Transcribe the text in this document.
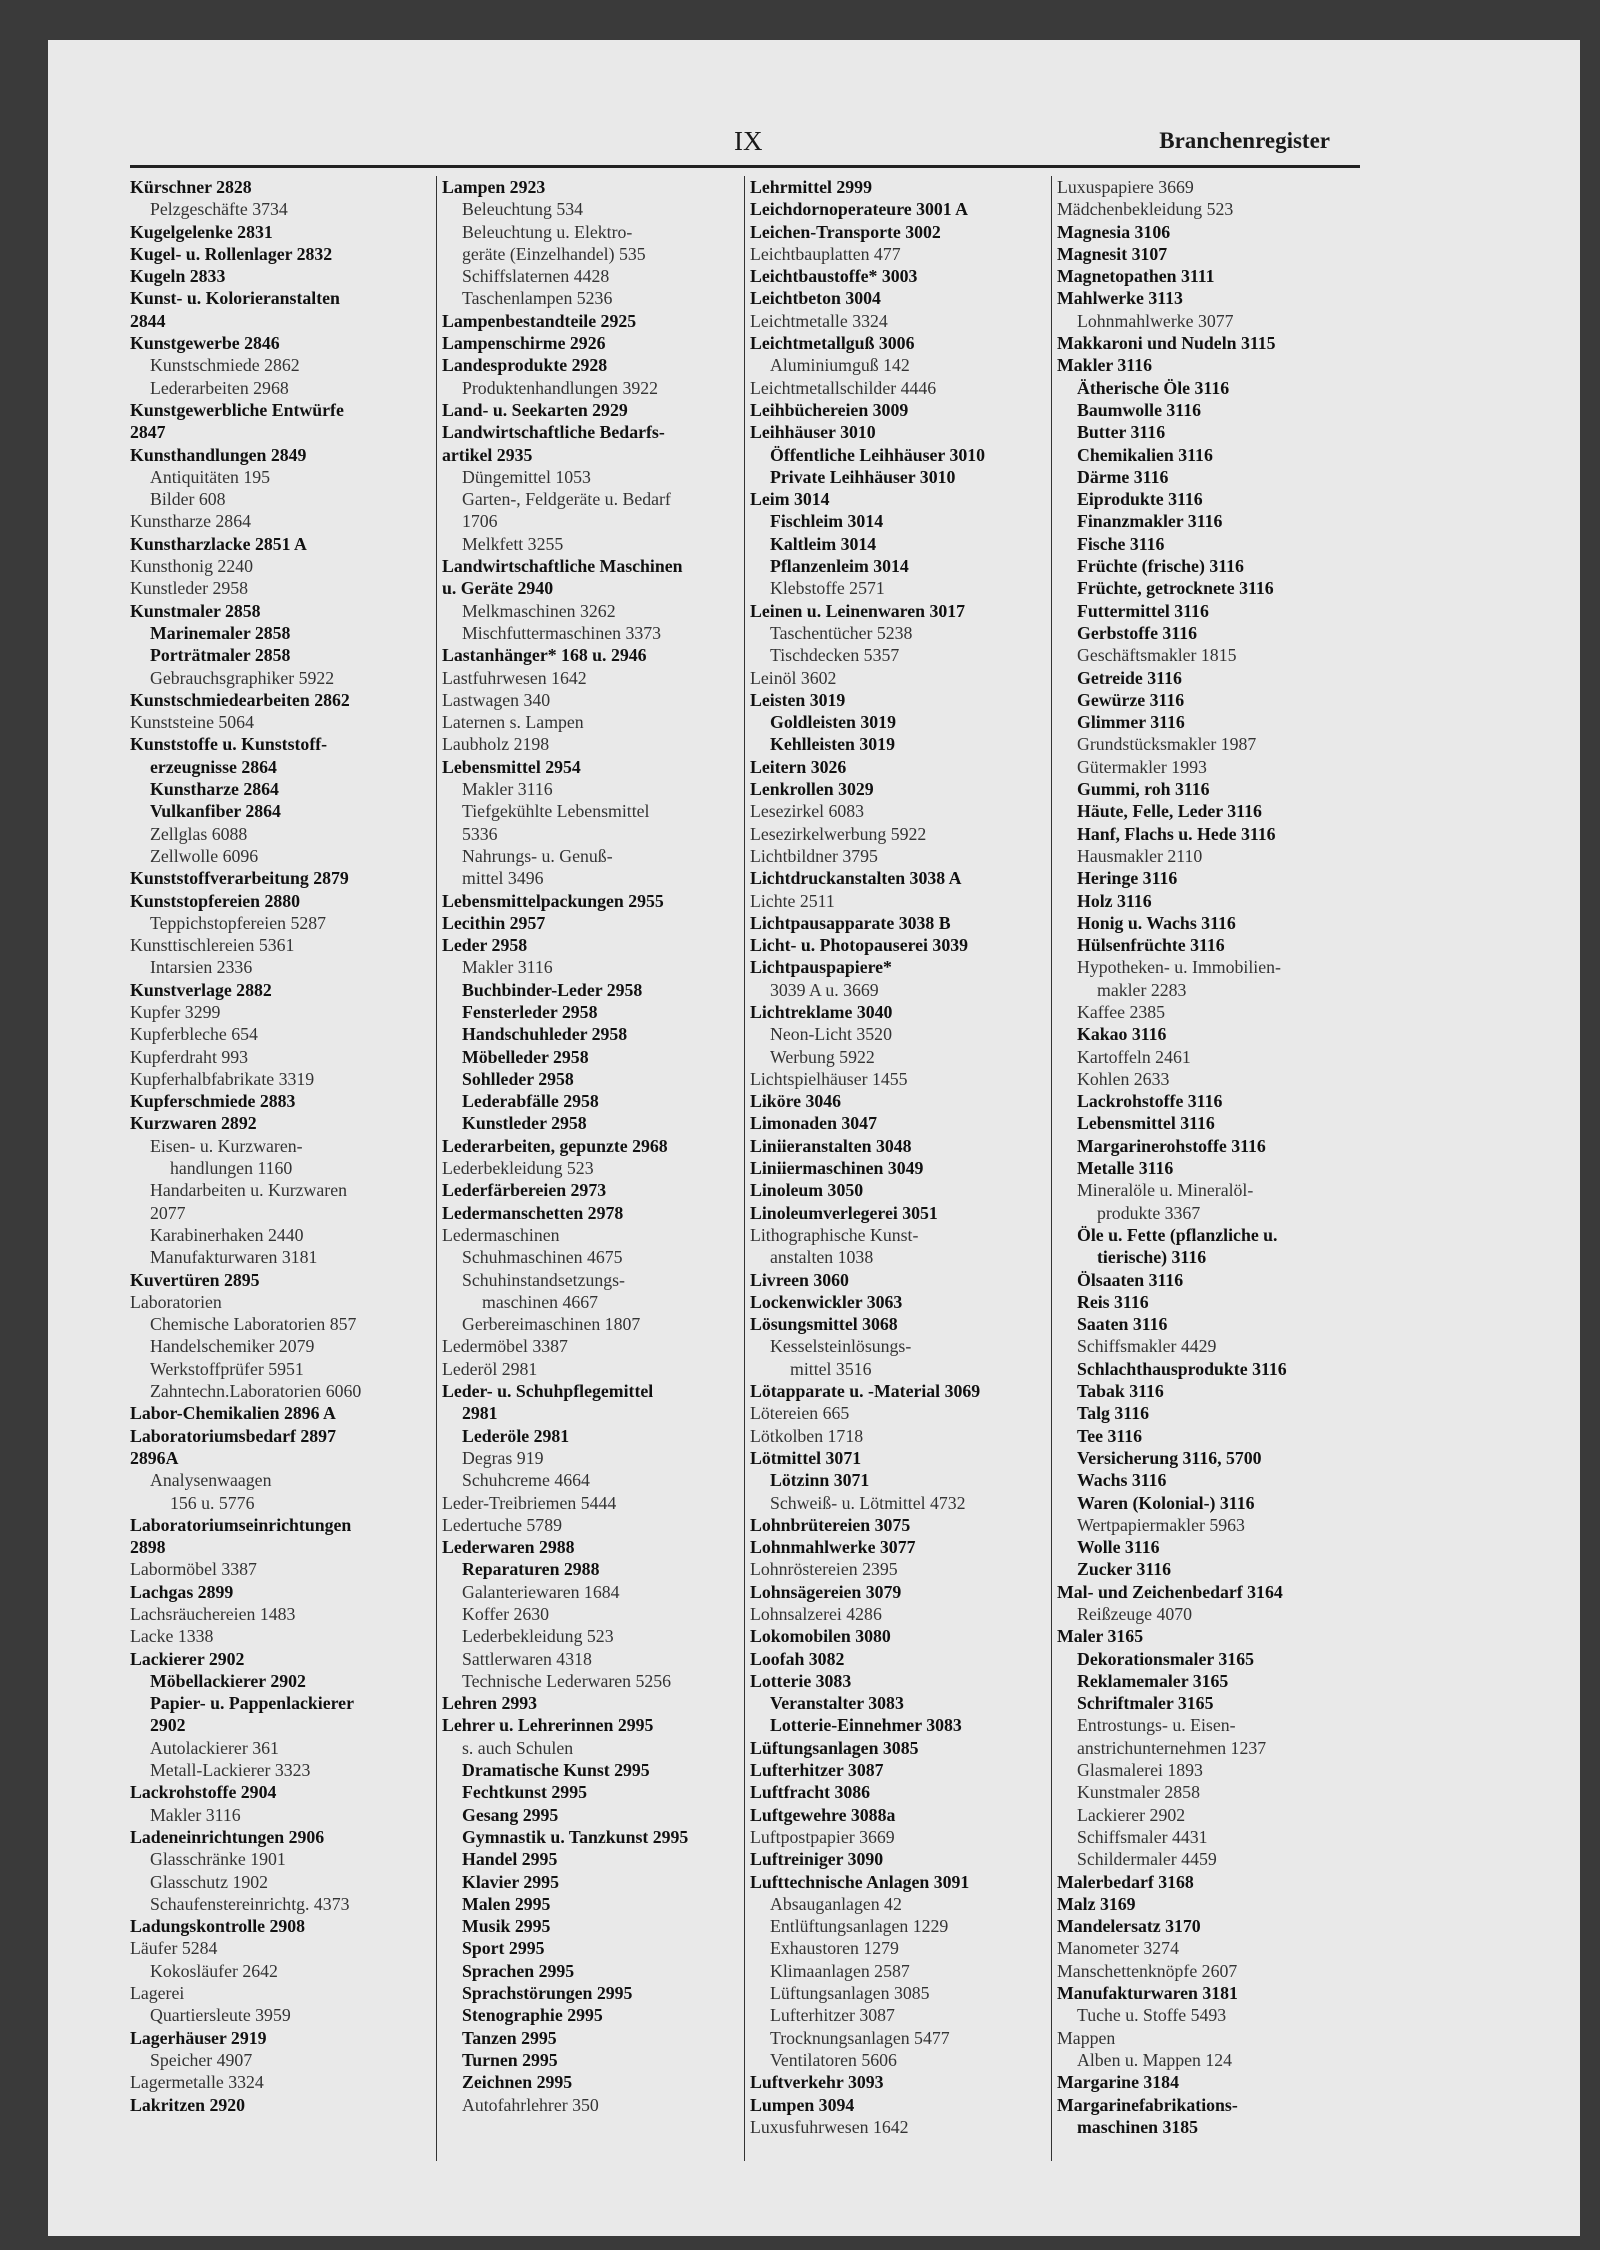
IX	Branchenregister
Kürschner 2828
Pelzgeschäfte 3734
Kugelgelenke 2831
Kugel- u. Rollenlager 2832
Kugeln 2833
Kunst- u. Kolorieranstalten
2844
Kunstgewerbe 2846
Kunstschmiede 2862
Lederarbeiten 2968
Kunstgewerbliche Entwürfe
2847
Kunsthandlungen 2849
Antiquitäten 195
Bilder 608
Kunstharze 2864
Kunstharzlacke 2851 A
Kunsthonig 2240
Kunstleder 2958
Kunstmaler 2858
Marinemaler 2858
Porträtmaler 2858
Gebrauchsgraphiker 5922
Kunstschmiedearbeiten 2862
Kunststeine 5064
Kunststoffe u. Kunststoff-
erzeugnisse 2864
Kunstharze 2864
Vulkanfiber 2864
Zellglas 6088
Zellwolle 6096
Kunststoffverarbeitung 2879
Kunststopfereien 2880
Teppichstopfereien 5287
Kunsttischlereien 5361
Intarsien 2336
Kunstverlage 2882
Kupfer 3299
Kupferbleche 654
Kupferdraht 993
Kupferhalbfabrikate 3319
Kupferschmiede 2883
Kurzwaren 2892
Eisen- u. Kurzwaren-
handlungen 1160
Handarbeiten u. Kurzwaren
2077
Karabinerhaken 2440
Manufakturwaren 3181
Kuvertüren 2895
Laboratorien
Chemische Laboratorien 857
Handelschemiker 2079
Werkstoffprüfer 5951
Zahntechn.Laboratorien 6060
Labor-Chemikalien 2896 A
Laboratoriumsbedarf 2897
2896A
Analysenwaagen
156 u. 5776
Laboratoriumseinrichtungen
2898
Labormöbel 3387
Lachgas 2899
Lachsräuchereien 1483
Lacke 1338
Lackierer 2902
Möbellackierer 2902
Papier- u. Pappenlackierer
2902
Autolackierer 361
Metall-Lackierer 3323
Lackrohstoffe 2904
Makler 3116
Ladeneinrichtungen 2906
Glasschränke 1901
Glasschutz 1902
Schaufenstereinrichtg. 4373
Ladungskontrolle 2908
Läufer 5284
Kokosläufer 2642
Lagerei
Quartiersleute 3959
Lagerhäuser 2919
Speicher 4907
Lagermetalle 3324
Lakritzen 2920
Lampen 2923
Beleuchtung 534
Beleuchtung u. Elektro-
geräte (Einzelhandel) 535
Schiffslaternen 4428
Taschenlampen 5236
Lampenbestandteile 2925
Lampenschirme 2926
Landesprodukte 2928
Produktenhandlungen 3922
Land- u. Seekarten 2929
Landwirtschaftliche Bedarfs-
artikel 2935
Düngemittel 1053
Garten-, Feldgeräte u. Bedarf
1706
Melkfett 3255
Landwirtschaftliche Maschinen
u. Geräte 2940
Melkmaschinen 3262
Mischfuttermaschinen 3373
Lastanhänger* 168 u. 2946
Lastfuhrwesen 1642
Lastwagen 340
Laternen s. Lampen
Laubholz 2198
Lebensmittel 2954
Makler 3116
Tiefgekühlte Lebensmittel
5336
Nahrungs- u. Genuß-
mittel 3496
Lebensmittelpackungen 2955
Lecithin 2957
Leder 2958
Makler 3116
Buchbinder-Leder 2958
Fensterleder 2958
Handschuhleder 2958
Möbelleder 2958
Sohlleder 2958
Lederabfälle 2958
Kunstleder 2958
Lederarbeiten, gepunzte 2968
Lederbekleidung 523
Lederfärbereien 2973
Ledermanschetten 2978
Ledermaschinen
Schuhmaschinen 4675
Schuhinstandsetzungs-
maschinen 4667
Gerbereimaschinen 1807
Ledermöbel 3387
Lederöl 2981
Leder- u. Schuhpflegemittel
2981
Lederöle 2981
Degras 919
Schuhcreme 4664
Leder-Treibriemen 5444
Ledertuche 5789
Lederwaren 2988
Reparaturen 2988
Galanteriewaren 1684
Koffer 2630
Lederbekleidung 523
Sattlerwaren 4318
Technische Lederwaren 5256
Lehren 2993
Lehrer u. Lehrerinnen 2995
s. auch Schulen
Dramatische Kunst 2995
Fechtkunst 2995
Gesang 2995
Gymnastik u. Tanzkunst 2995
Handel 2995
Klavier 2995
Malen 2995
Musik 2995
Sport 2995
Sprachen 2995
Sprachstörungen 2995
Stenographie 2995
Tanzen 2995
Turnen 2995
Zeichnen 2995
Autofahrlehrer 350
Lehrmittel 2999
Leichdornoperateure 3001 A
Leichen-Transporte 3002
Leichtbauplatten 477
Leichtbaustoffe* 3003
Leichtbeton 3004
Leichtmetalle 3324
Leichtmetallguß 3006
Aluminiumguß 142
Leichtmetallschilder 4446
Leihbüchereien 3009
Leihhäuser 3010
Öffentliche Leihhäuser 3010
Private Leihhäuser 3010
Leim 3014
Fischleim 3014
Kaltleim 3014
Pflanzenleim 3014
Klebstoffe 2571
Leinen u. Leinenwaren 3017
Taschentücher 5238
Tischdecken 5357
Leinöl 3602
Leisten 3019
Goldleisten 3019
Kehlleisten 3019
Leitern 3026
Lenkrollen 3029
Lesezirkel 6083
Lesezirkelwerbung 5922
Lichtbildner 3795
Lichtdruckanstalten 3038 A
Lichte 2511
Lichtpausapparate 3038 B
Licht- u. Photopauserei 3039
Lichtpauspapiere*
3039 A u. 3669
Lichtreklame 3040
Neon-Licht 3520
Werbung 5922
Lichtspielhäuser 1455
Liköre 3046
Limonaden 3047
Liniieranstalten 3048
Liniiermaschinen 3049
Linoleum 3050
Linoleumverlegerei 3051
Lithographische Kunst-
anstalten 1038
Livreen 3060
Lockenwickler 3063
Lösungsmittel 3068
Kesselsteinlösungs-
mittel 3516
Lötapparate u. -Material 3069
Lötereien 665
Lötkolben 1718
Lötmittel 3071
Lötzinn 3071
Schweiß- u. Lötmittel 4732
Lohnbrütereien 3075
Lohnmahlwerke 3077
Lohnröstereien 2395
Lohnsägereien 3079
Lohnsalzerei 4286
Lokomobilen 3080
Loofah 3082
Lotterie 3083
Veranstalter 3083
Lotterie-Einnehmer 3083
Lüftungsanlagen 3085
Lufterhitzer 3087
Luftfracht 3086
Luftgewehre 3088a
Luftpostpapier 3669
Luftreiniger 3090
Lufttechnische Anlagen 3091
Absauganlagen 42
Entlüftungsanlagen 1229
Exhaustoren 1279
Klimaanlagen 2587
Lüftungsanlagen 3085
Lufterhitzer 3087
Trocknungsanlagen 5477
Ventilatoren 5606
Luftverkehr 3093
Lumpen 3094
Luxusfuhrwesen 1642
Luxuspapiere 3669
Mädchenbekleidung 523
Magnesia 3106
Magnesit 3107
Magnetopathen 3111
Mahlwerke 3113
Lohnmahlwerke 3077
Makkaroni und Nudeln 3115
Makler 3116
Ätherische Öle 3116
Baumwolle 3116
Butter 3116
Chemikalien 3116
Därme 3116
Eiprodukte 3116
Finanzmakler 3116
Fische 3116
Früchte (frische) 3116
Früchte, getrocknete 3116
Futtermittel 3116
Gerbstoffe 3116
Geschäftsmakler 1815
Getreide 3116
Gewürze 3116
Glimmer 3116
Grundstücksmakler 1987
Gütermakler 1993
Gummi, roh 3116
Häute, Felle, Leder 3116
Hanf, Flachs u. Hede 3116
Hausmakler 2110
Heringe 3116
Holz 3116
Honig u. Wachs 3116
Hülsenfrüchte 3116
Hypotheken- u. Immobilien-
makler 2283
Kaffee 2385
Kakao 3116
Kartoffeln 2461
Kohlen 2633
Lackrohstoffe 3116
Lebensmittel 3116
Margarinerohstoffe 3116
Metalle 3116
Mineralöle u. Mineralöl-
produkte 3367
Öle u. Fette (pflanzliche u.
tierische) 3116
Ölsaaten 3116
Reis 3116
Saaten 3116
Schiffsmakler 4429
Schlachthausprodukte 3116
Tabak 3116
Talg 3116
Tee 3116
Versicherung 3116, 5700
Wachs 3116
Waren (Kolonial-) 3116
Wertpapiermakler 5963
Wolle 3116
Zucker 3116
Mal- und Zeichenbedarf 3164
Reißzeuge 4070
Maler 3165
Dekorationsmaler 3165
Reklamemaler 3165
Schriftmaler 3165
Entrostungs- u. Eisen-
anstrichunternehmen 1237
Glasmalerei 1893
Kunstmaler 2858
Lackierer 2902
Schiffsmaler 4431
Schildermaler 4459
Malerbedarf 3168
Malz 3169
Mandelersatz 3170
Manometer 3274
Manschettenknöpfe 2607
Manufakturwaren 3181
Tuche u. Stoffe 5493
Mappen
Alben u. Mappen 124
Margarine 3184
Margarinefabrikations-
maschinen 3185
